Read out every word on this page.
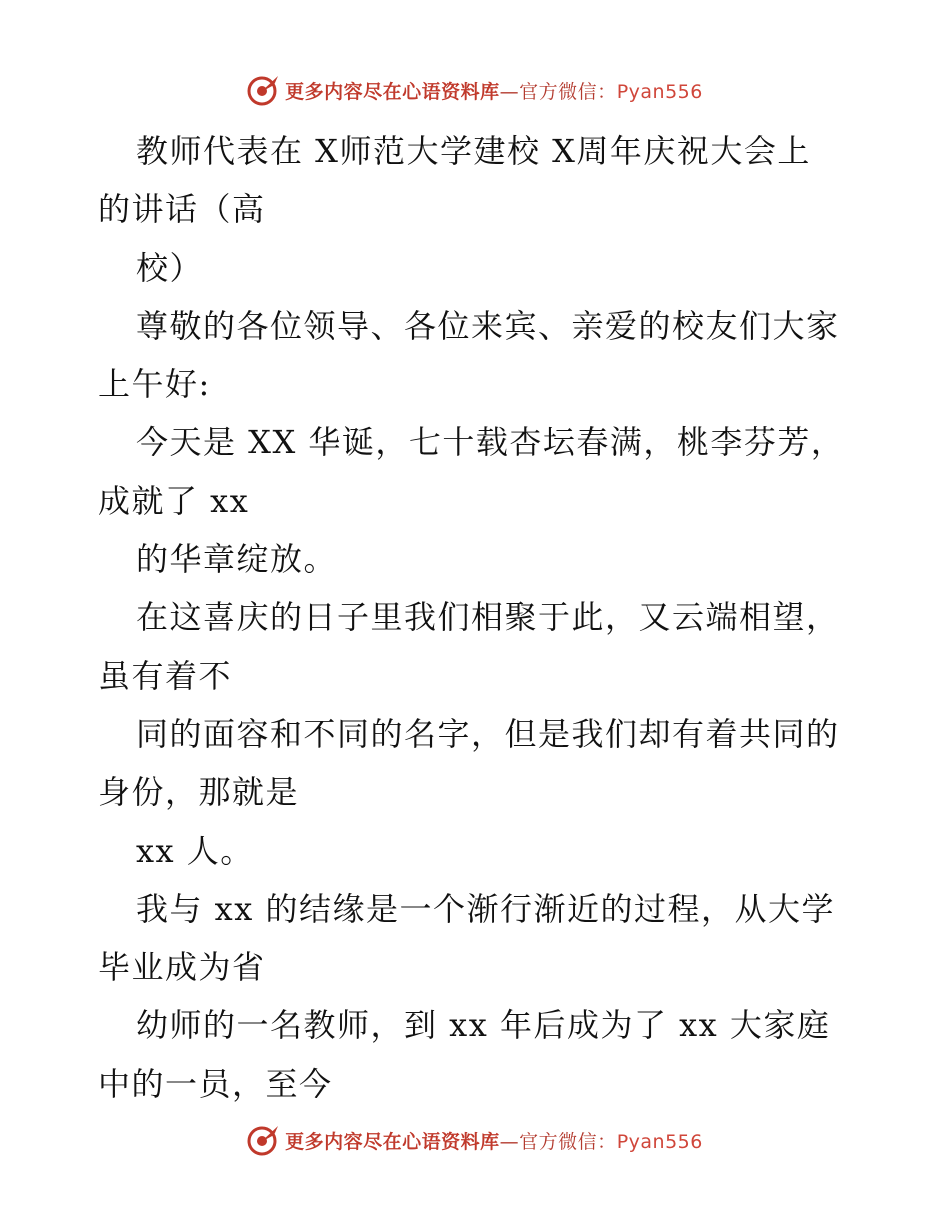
更多内容尽在心语资料库—官方微信：Pyan556
教师代表在 X师范大学建校 X周年庆祝大会上
的讲话（高
校）
尊敬的各位领导、各位来宾、亲爱的校友们大家
上午好:
今天是 XX 华诞，七十载杏坛春满，桃李芬芳，
成就了 xx
的华章绽放。
在这喜庆的日子里我们相聚于此，又云端相望，
虽有着不
同的面容和不同的名字，但是我们却有着共同的
身份，那就是
xx 人。
我与 xx 的结缘是一个渐行渐近的过程，从大学
毕业成为省
幼师的一名教师，到 xx 年后成为了 xx 大家庭
中的一员，至今
更多内容尽在心语资料库—官方微信：Pyan556
